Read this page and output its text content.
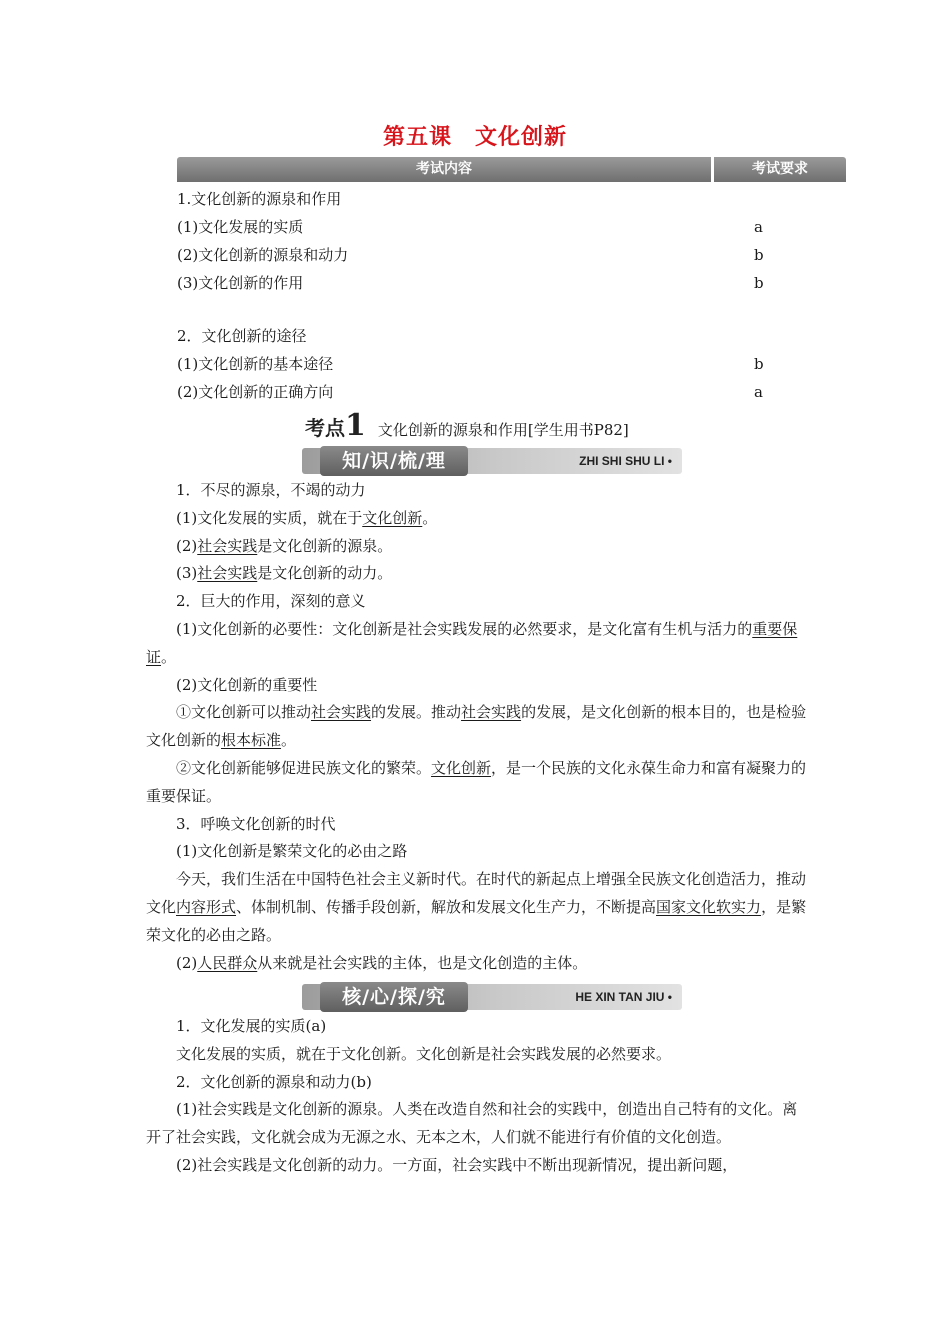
第五课　文化创新
考试内容	考试要求
1.文化创新的源泉和作用
(1)文化发展的实质	a
(2)文化创新的源泉和动力	b
(3)文化创新的作用	b
2．文化创新的途径
(1)文化创新的基本途径	b
(2)文化创新的正确方向	a
考点1 文化创新的源泉和作用[学生用书P82]
知/识/梳/理	ZHI SHI SHU LI •

1．不尽的源泉，不竭的动力

(1)文化发展的实质，就在于文化创新。

(2)社会实践是文化创新的源泉。

(3)社会实践是文化创新的动力。

2．巨大的作用，深刻的意义

(1)文化创新的必要性：文化创新是社会实践发展的必然要求，是文化富有生机与活力的重要保证。

(2)文化创新的重要性

①文化创新可以推动社会实践的发展。推动社会实践的发展，是文化创新的根本目的，也是检验文化创新的根本标准。

②文化创新能够促进民族文化的繁荣。文化创新，是一个民族的文化永葆生命力和富有凝聚力的重要保证。

3．呼唤文化创新的时代

(1)文化创新是繁荣文化的必由之路

今天，我们生活在中国特色社会主义新时代。在时代的新起点上增强全民族文化创造活力，推动文化内容形式、体制机制、传播手段创新，解放和发展文化生产力，不断提高国家文化软实力，是繁荣文化的必由之路。

(2)人民群众从来就是社会实践的主体，也是文化创造的主体。

核/心/探/究	HE XIN TAN JIU •

1．文化发展的实质(a)

文化发展的实质，就在于文化创新。文化创新是社会实践发展的必然要求。

2．文化创新的源泉和动力(b)

(1)社会实践是文化创新的源泉。人类在改造自然和社会的实践中，创造出自己特有的文化。离开了社会实践，文化就会成为无源之水、无本之木，人们就不能进行有价值的文化创造。

(2)社会实践是文化创新的动力。一方面，社会实践中不断出现新情况，提出新问题，
